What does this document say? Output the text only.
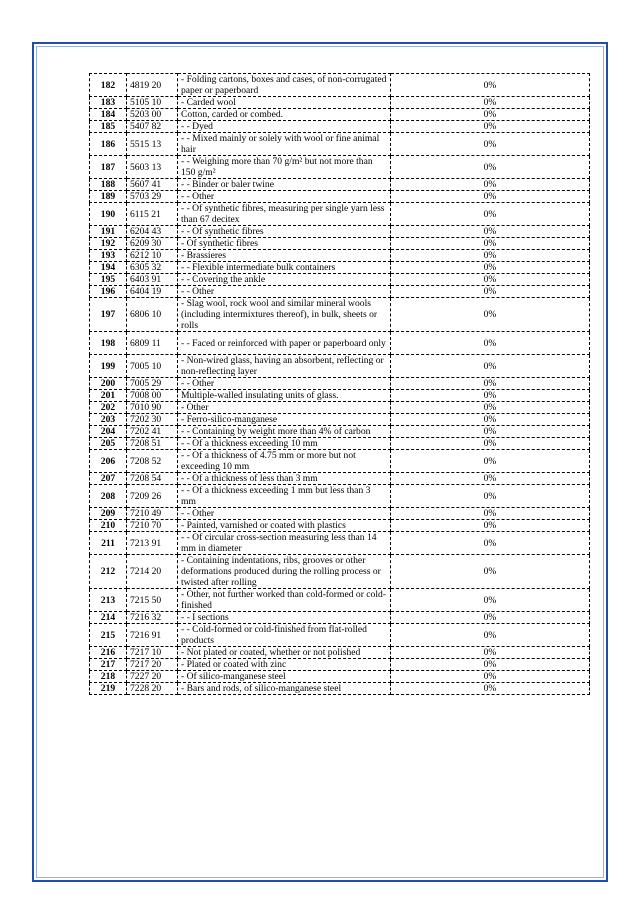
182	4819 20	- Folding cartons, boxes and cases, of non-corrugated paper or paperboard	0%
183	5105 10	- Carded wool	0%
184	5203 00	Cotton, carded or combed.	0%
185	5407 82	- - Dyed	0%
186	5515 13	- - Mixed mainly or solely with wool or fine animal hair	0%
187	5603 13	- - Weighing more than 70 g/m² but not more than 150 g/m²	0%
188	5607 41	- - Binder or baler twine	0%
189	5703 29	- - Other	0%
190	6115 21	- - Of synthetic fibres, measuring per single yarn less than 67 decitex	0%
191	6204 43	- - Of synthetic fibres	0%
192	6209 30	- Of synthetic fibres	0%
193	6212 10	- Brassieres	0%
194	6305 32	- - Flexible intermediate bulk containers	0%
195	6403 91	- - Covering the ankle	0%
196	6404 19	- - Other	0%
197	6806 10	- Slag wool, rock wool and similar mineral wools (including intermixtures thereof), in bulk, sheets or rolls	0%
198	6809 11	- - Faced or reinforced with paper or paperboard only	0%
199	7005 10	- Non-wired glass, having an absorbent, reflecting or non-reflecting layer	0%
200	7005 29	- - Other	0%
201	7008 00	Multiple-walled insulating units of glass.	0%
202	7010 90	- Other	0%
203	7202 30	- Ferro-silico-manganese	0%
204	7202 41	- - Containing by weight more than 4% of carbon	0%
205	7208 51	- - Of a thickness exceeding 10 mm	0%
206	7208 52	- - Of a thickness of 4.75 mm or more but not exceeding 10 mm	0%
207	7208 54	- - Of a thickness of less than 3 mm	0%
208	7209 26	- - Of a thickness exceeding 1 mm but less than 3 mm	0%
209	7210 49	- - Other	0%
210	7210 70	- Painted, varnished or coated with plastics	0%
211	7213 91	- - Of circular cross-section measuring less than 14 mm in diameter	0%
212	7214 20	- Containing indentations, ribs, grooves or other deformations produced during the rolling process or twisted after rolling	0%
213	7215 50	- Other, not further worked than cold-formed or cold-finished	0%
214	7216 32	- - I sections	0%
215	7216 91	- - Cold-formed or cold-finished from flat-rolled products	0%
216	7217 10	- Not plated or coated, whether or not polished	0%
217	7217 20	- Plated or coated with zinc	0%
218	7227 20	- Of silico-manganese steel	0%
219	7228 20	- Bars and rods, of silico-manganese steel	0%
